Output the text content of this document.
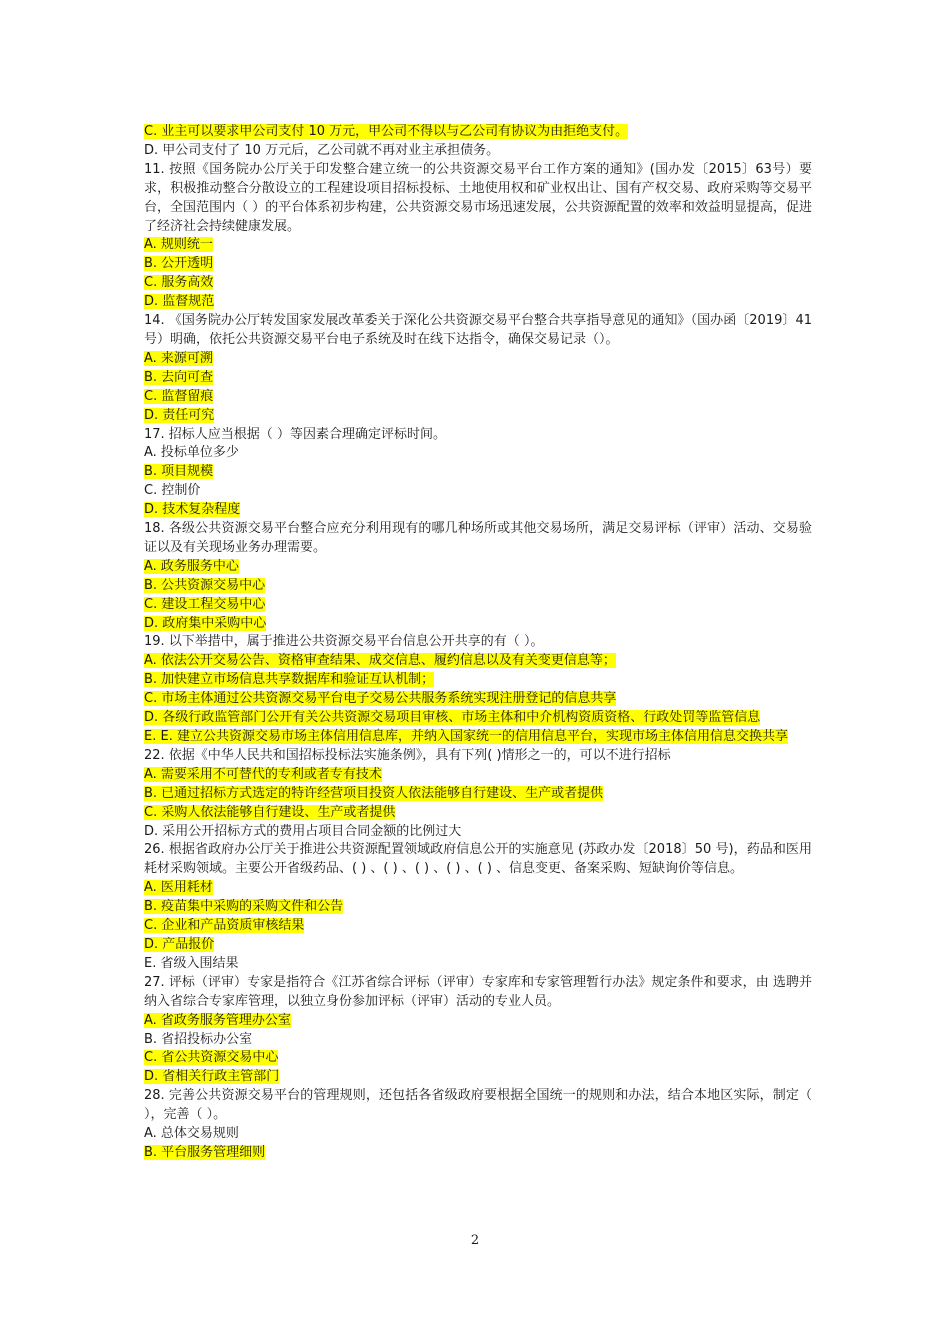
C. 业主可以要求甲公司支付 10 万元，甲公司不得以与乙公司有协议为由拒绝支付。
D. 甲公司支付了 10 万元后，乙公司就不再对业主承担债务。
11. 按照《国务院办公厅关于印发整合建立统一的公共资源交易平台工作方案的通知》(国办发〔2015〕63号）要求，积极推动整合分散设立的工程建设项目招标投标、土地使用权和矿业权出让、国有产权交易、政府采购等交易平台，全国范围内（ ）的平台体系初步构建，公共资源交易市场迅速发展，公共资源配置的效率和效益明显提高，促进了经济社会持续健康发展。
A. 规则统一
B. 公开透明
C. 服务高效
D. 监督规范
14. 《国务院办公厅转发国家发展改革委关于深化公共资源交易平台整合共享指导意见的通知》（国办函〔2019〕41 号）明确，依托公共资源交易平台电子系统及时在线下达指令，确保交易记录（）。
A. 来源可溯
B. 去向可查
C. 监督留痕
D. 责任可究
17. 招标人应当根据（ ）等因素合理确定评标时间。
A. 投标单位多少
B. 项目规模
C. 控制价
D. 技术复杂程度
18. 各级公共资源交易平台整合应充分利用现有的哪几种场所或其他交易场所，满足交易评标（评审）活动、交易验证以及有关现场业务办理需要。
A. 政务服务中心
B. 公共资源交易中心
C. 建设工程交易中心
D. 政府集中采购中心
19. 以下举措中，属于推进公共资源交易平台信息公开共享的有（ ）。
A. 依法公开交易公告、资格审查结果、成交信息、履约信息以及有关变更信息等；
B. 加快建立市场信息共享数据库和验证互认机制；
C. 市场主体通过公共资源交易平台电子交易公共服务系统实现注册登记的信息共享
D. 各级行政监管部门公开有关公共资源交易项目审核、市场主体和中介机构资质资格、行政处罚等监管信息
E. E. 建立公共资源交易市场主体信用信息库，并纳入国家统一的信用信息平台，实现市场主体信用信息交换共享
22. 依据《中华人民共和国招标投标法实施条例》，具有下列( )情形之一的，可以不进行招标
A. 需要采用不可替代的专利或者专有技术
B. 已通过招标方式选定的特许经营项目投资人依法能够自行建设、生产或者提供
C. 采购人依法能够自行建设、生产或者提供
D. 采用公开招标方式的费用占项目合同金额的比例过大
26. 根据省政府办公厅关于推进公共资源配置领域政府信息公开的实施意见 (苏政办发〔2018〕50 号)，药品和医用耗材采购领域。主要公开省级药品、( ) 、( ) 、( ) 、( ) 、( ) 、信息变更、备案采购、短缺询价等信息。
A. 医用耗材
B. 疫苗集中采购的采购文件和公告
C. 企业和产品资质审核结果
D. 产品报价
E. 省级入围结果
27. 评标（评审）专家是指符合《江苏省综合评标（评审）专家库和专家管理暂行办法》规定条件和要求，由 选聘并纳入省综合专家库管理，以独立身份参加评标（评审）活动的专业人员。
A. 省政务服务管理办公室
B. 省招投标办公室
C. 省公共资源交易中心
D. 省相关行政主管部门
28. 完善公共资源交易平台的管理规则，还包括各省级政府要根据全国统一的规则和办法，结合本地区实际，制定（ ），完善（ ）。
A. 总体交易规则
B. 平台服务管理细则
2
